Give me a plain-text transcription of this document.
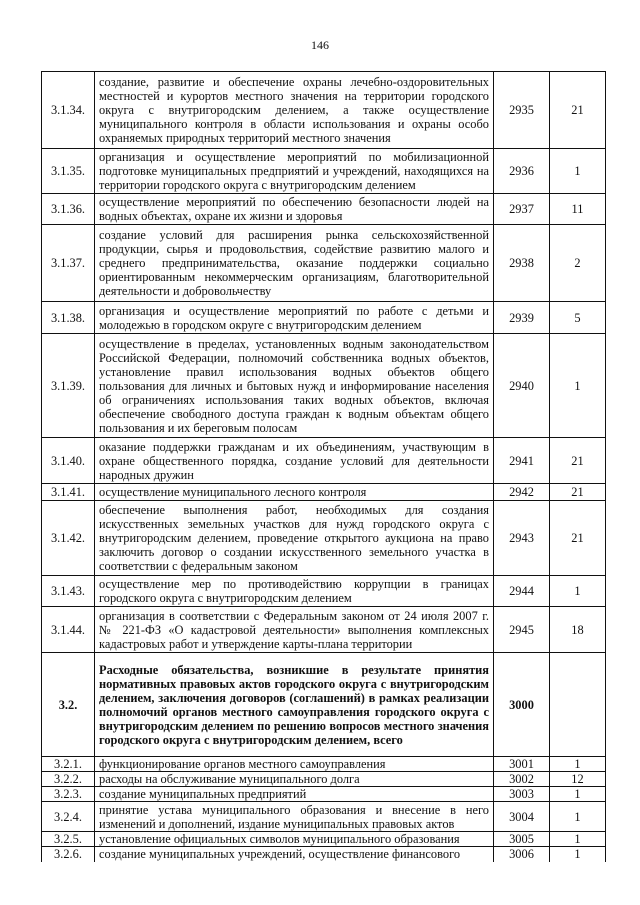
146
3.1.34.	создание, развитие и обеспечение охраны лечебно-оздоровительных местностей и курортов местного значения на территории городского округа с внутригородским делением, а также осуществление муниципального контроля в области использования и охраны особо охраняемых природных территорий местного значения	2935	21
3.1.35.	организация и осуществление мероприятий по мобилизационной подготовке муниципальных предприятий и учреждений, находящихся на территории городского округа с внутригородским делением	2936	1
3.1.36.	осуществление мероприятий по обеспечению безопасности людей на водных объектах, охране их жизни и здоровья	2937	11
3.1.37.	создание условий для расширения рынка сельскохозяйственной продукции, сырья и продовольствия, содействие развитию малого и среднего предпринимательства, оказание поддержки социально ориентированным некоммерческим организациям, благотворительной деятельности и добровольчеству	2938	2
3.1.38.	организация и осуществление мероприятий по работе с детьми и молодежью в городском округе с внутригородским делением	2939	5
3.1.39.	осуществление в пределах, установленных водным законодательством Российской Федерации, полномочий собственника водных объектов, установление правил использования водных объектов общего пользования для личных и бытовых нужд и информирование населения об ограничениях использования таких водных объектов, включая обеспечение свободного доступа граждан к водным объектам общего пользования и их береговым полосам	2940	1
3.1.40.	оказание поддержки гражданам и их объединениям, участвующим в охране общественного порядка, создание условий для деятельности народных дружин	2941	21
3.1.41.	осуществление муниципального лесного контроля	2942	21
3.1.42.	обеспечение выполнения работ, необходимых для создания искусственных земельных участков для нужд городского округа с внутригородским делением, проведение открытого аукциона на право заключить договор о создании искусственного земельного участка в соответствии с федеральным законом	2943	21
3.1.43.	осуществление мер по противодействию коррупции в границах городского округа с внутригородским делением	2944	1
3.1.44.	организация в соответствии с Федеральным законом от 24 июля 2007 г. № 221-ФЗ «О кадастровой деятельности» выполнения комплексных кадастровых работ и утверждение карты-плана территории	2945	18
3.2.	Расходные обязательства, возникшие в результате принятия нормативных правовых актов городского округа с внутригородским делением, заключения договоров (соглашений) в рамках реализации полномочий органов местного самоуправления городского округа с внутригородским делением по решению вопросов местного значения городского округа с внутригородским делением, всего	3000	
3.2.1.	функционирование органов местного самоуправления	3001	1
3.2.2.	расходы на обслуживание муниципального долга	3002	12
3.2.3.	создание муниципальных предприятий	3003	1
3.2.4.	принятие устава муниципального образования и внесение в него изменений и дополнений, издание муниципальных правовых актов	3004	1
3.2.5.	установление официальных символов муниципального образования	3005	1
3.2.6.	создание муниципальных учреждений, осуществление финансового	3006	1
